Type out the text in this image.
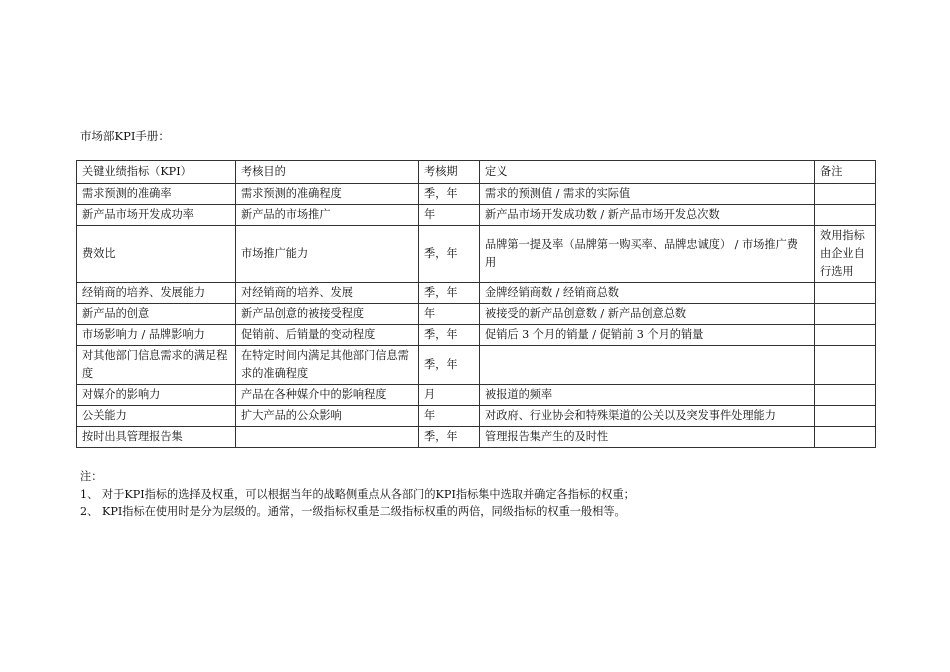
市场部KPI手册：
关键业绩指标（KPI）	考核目的	考核期	定义	备注
需求预测的准确率	需求预测的准确程度	季，年	需求的预测值 / 需求的实际值	
新产品市场开发成功率	新产品的市场推广	年	新产品市场开发成功数 / 新产品市场开发总次数	
费效比	市场推广能力	季，年	品牌第一提及率（品牌第一购买率、品牌忠诚度） / 市场推广费用	效用指标由企业自行选用
经销商的培养、发展能力	对经销商的培养、发展	季，年	金牌经销商数 / 经销商总数	
新产品的创意	新产品创意的被接受程度	年	被接受的新产品创意数 / 新产品创意总数	
市场影响力 / 品牌影响力	促销前、后销量的变动程度	季，年	促销后 3 个月的销量 / 促销前 3 个月的销量	
对其他部门信息需求的满足程度	在特定时间内满足其他部门信息需求的准确程度	季，年		
对媒介的影响力	产品在各种媒介中的影响程度	月	被报道的频率	
公关能力	扩大产品的公众影响	年	对政府、行业协会和特殊渠道的公关以及突发事件处理能力	
按时出具管理报告集		季，年	管理报告集产生的及时性	
注：
1、 对于KPI指标的选择及权重，可以根据当年的战略侧重点从各部门的KPI指标集中选取并确定各指标的权重；
2、 KPI指标在使用时是分为层级的。通常，一级指标权重是二级指标权重的两倍，同级指标的权重一般相等。
